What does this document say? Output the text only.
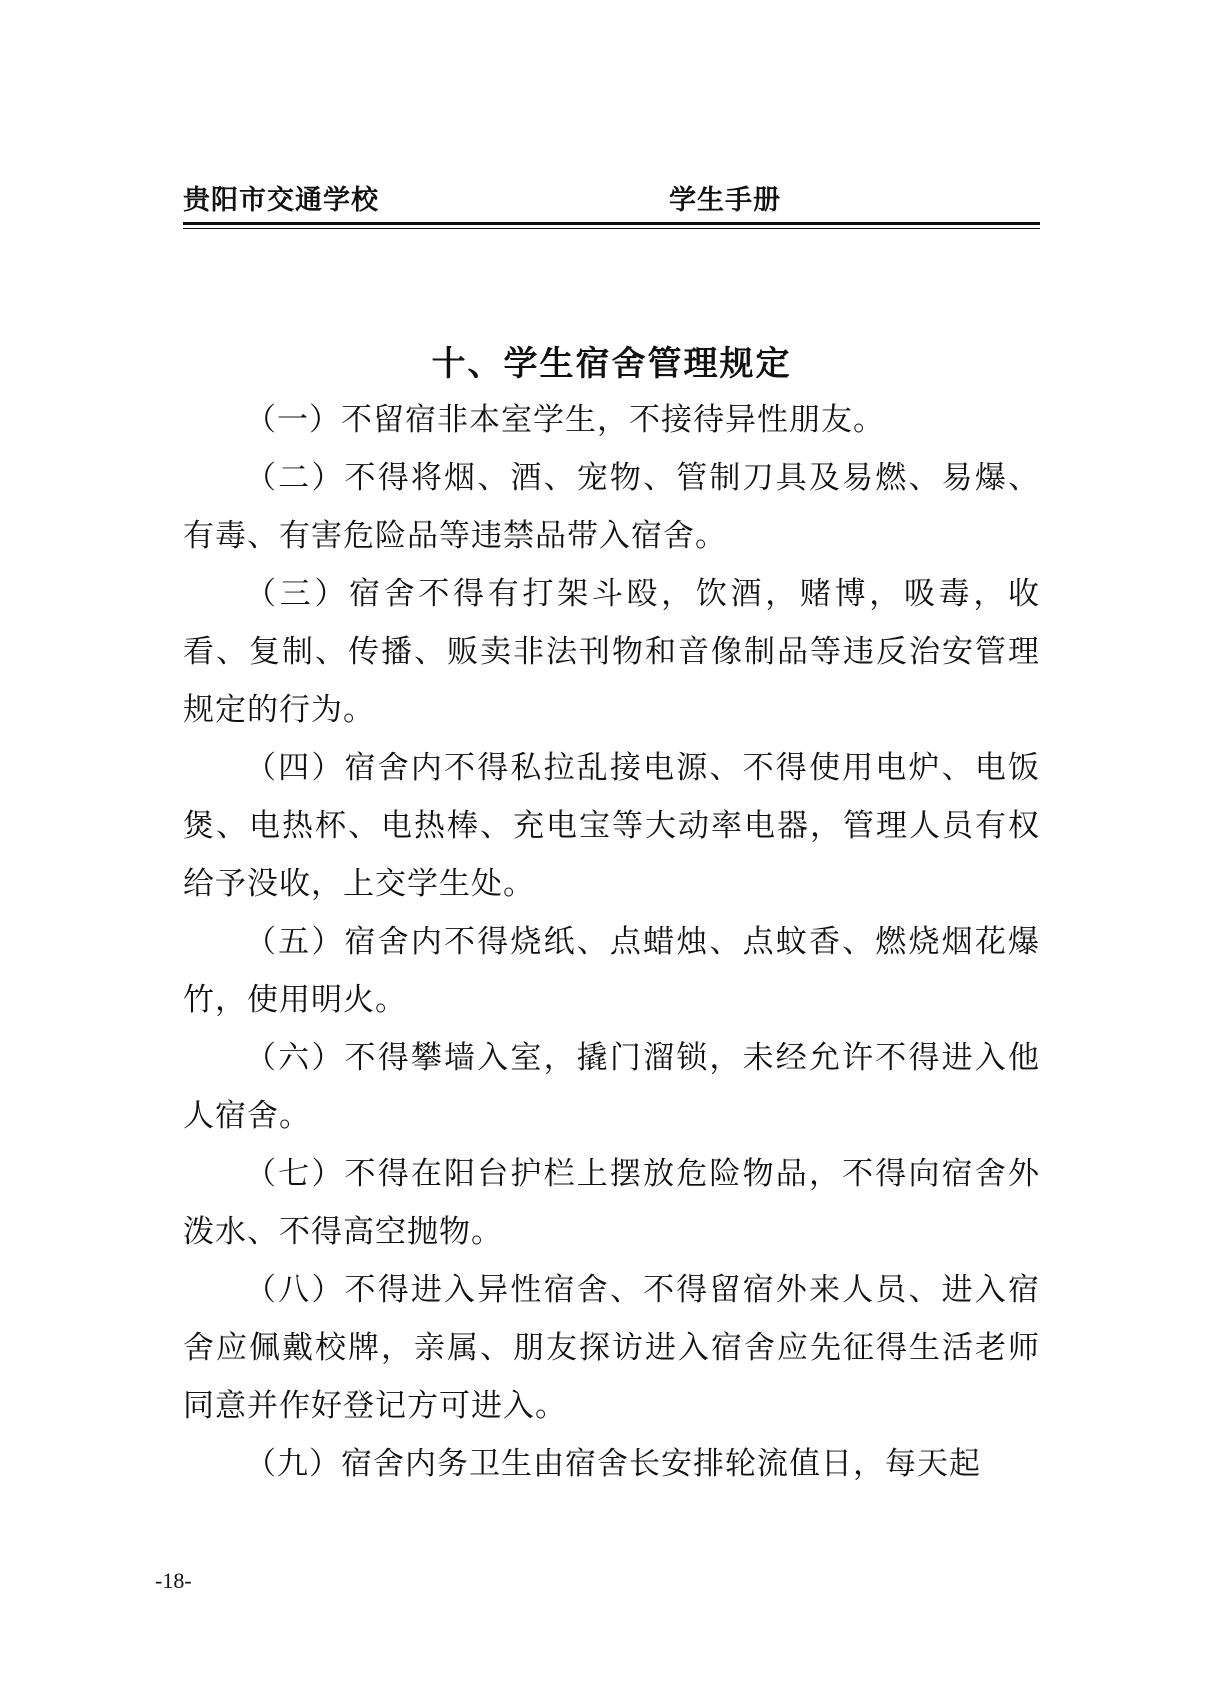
贵阳市交通学校	学生手册
十、学生宿舍管理规定

（一）不留宿非本室学生，不接待异性朋友。

（二）不得将烟、酒、宠物、管制刀具及易燃、易爆、有毒、有害危险品等违禁品带入宿舍。

（三）宿舍不得有打架斗殴，饮酒，赌博，吸毒，收看、复制、传播、贩卖非法刊物和音像制品等违反治安管理规定的行为。

（四）宿舍内不得私拉乱接电源、不得使用电炉、电饭煲、电热杯、电热棒、充电宝等大动率电器，管理人员有权给予没收，上交学生处。

（五）宿舍内不得烧纸、点蜡烛、点蚊香、燃烧烟花爆竹，使用明火。

（六）不得攀墙入室，撬门溜锁，未经允许不得进入他人宿舍。

（七）不得在阳台护栏上摆放危险物品，不得向宿舍外泼水、不得高空抛物。

（八）不得进入异性宿舍、不得留宿外来人员、进入宿舍应佩戴校牌，亲属、朋友探访进入宿舍应先征得生活老师同意并作好登记方可进入。

（九）宿舍内务卫生由宿舍长安排轮流值日，每天起

-18-
